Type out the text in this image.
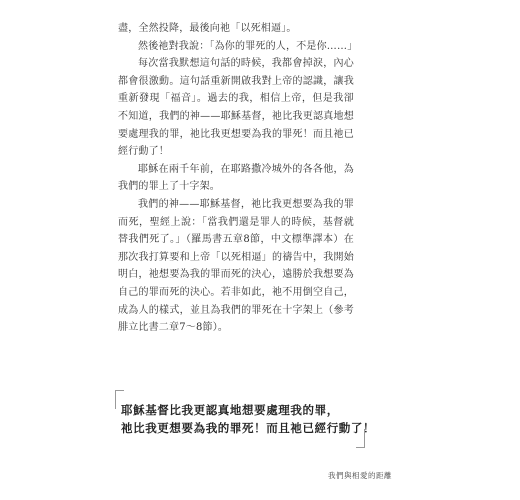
盡，全然投降，最後向祂「以死相逼」。

然後祂對我說：「為你的罪死的人，不是你……」

每次當我默想這句話的時候，我都會掉淚，內心都會很激動。這句話重新開啟我對上帝的認識，讓我重新發現「福音」。過去的我，相信上帝，但是我卻不知道，我們的神——耶穌基督，祂比我更認真地想要處理我的罪，祂比我更想要為我的罪死！而且祂已經行動了！

耶穌在兩千年前，在耶路撒冷城外的各各他，為我們的罪上了十字架。

我們的神——耶穌基督，祂比我更想要為我的罪而死，聖經上說：「當我們還是罪人的時候，基督就替我們死了。」（羅馬書五章8節，中文標準譯本）在那次我打算要和上帝「以死相逼」的禱告中，我開始明白，祂想要為我的罪而死的決心，遠勝於我想要為自己的罪而死的決心。若非如此，祂不用倒空自己，成為人的樣式，並且為我們的罪死在十字架上（參考腓立比書二章7～8節）。

耶穌基督比我更認真地想要處理我的罪，
祂比我更想要為我的罪死！而且祂已經行動了！
我們與相愛的距離
